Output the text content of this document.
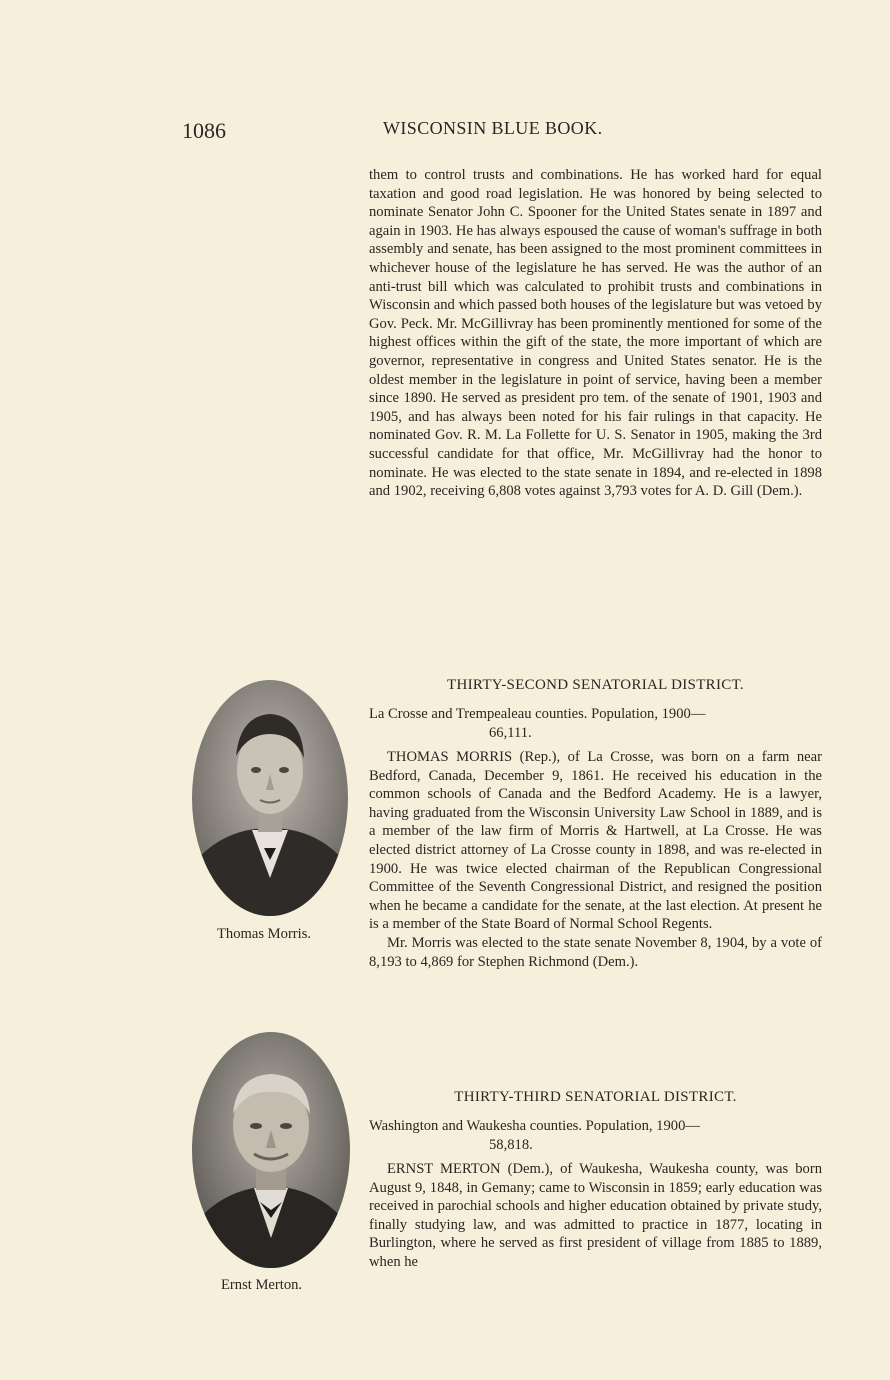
1086	WISCONSIN BLUE BOOK.

them to control trusts and combinations. He has worked hard for equal taxation and good road legislation. He was honored by being selected to nominate Senator John C. Spooner for the United States senate in 1897 and again in 1903. He has always espoused the cause of woman's suffrage in both assembly and senate, has been assigned to the most prominent committees in whichever house of the legislature he has served. He was the author of an anti-trust bill which was calculated to prohibit trusts and combinations in Wisconsin and which passed both houses of the legislature but was vetoed by Gov. Peck. Mr. McGillivray has been prominently mentioned for some of the highest offices within the gift of the state, the more important of which are governor, representative in congress and United States senator. He is the oldest member in the legislature in point of service, having been a member since 1890. He served as president pro tem. of the senate of 1901, 1903 and 1905, and has always been noted for his fair rulings in that capacity. He nominated Gov. R. M. La Follette for U. S. Senator in 1905, making the 3rd successful candidate for that office, Mr. McGillivray had the honor to nominate. He was elected to the state senate in 1894, and re-elected in 1898 and 1902, receiving 6,808 votes against 3,793 votes for A. D. Gill (Dem.).

THIRTY-SECOND SENATORIAL DISTRICT.
La Crosse and Trempealeau counties. Population, 1900—
66,111.

THOMAS MORRIS (Rep.), of La Crosse, was born on a farm near Bedford, Canada, December 9, 1861. He received his education in the common schools of Canada and the Bedford Academy. He is a lawyer, having graduated from the Wisconsin University Law School in 1889, and is a member of the law firm of Morris & Hartwell, at La Crosse. He was elected district attorney of La Crosse county in 1898, and was re-elected in 1900. He was twice elected chairman of the Republican Congressional Committee of the Seventh Congressional District, and resigned the position when he became a candidate for the senate, at the last election. At present he is a member of the State Board of Normal School Regents.

Mr. Morris was elected to the state senate November 8, 1904, by a vote of 8,193 to 4,869 for Stephen Richmond (Dem.).

Thomas Morris.
THIRTY-THIRD SENATORIAL DISTRICT.
Washington and Waukesha counties. Population, 1900—
58,818.

ERNST MERTON (Dem.), of Waukesha, Waukesha county, was born August 9, 1848, in Gemany; came to Wisconsin in 1859; early education was received in parochial schools and higher education obtained by private study, finally studying law, and was admitted to practice in 1877, locating in Burlington, where he served as first president of village from 1885 to 1889, when he

Ernst Merton.
